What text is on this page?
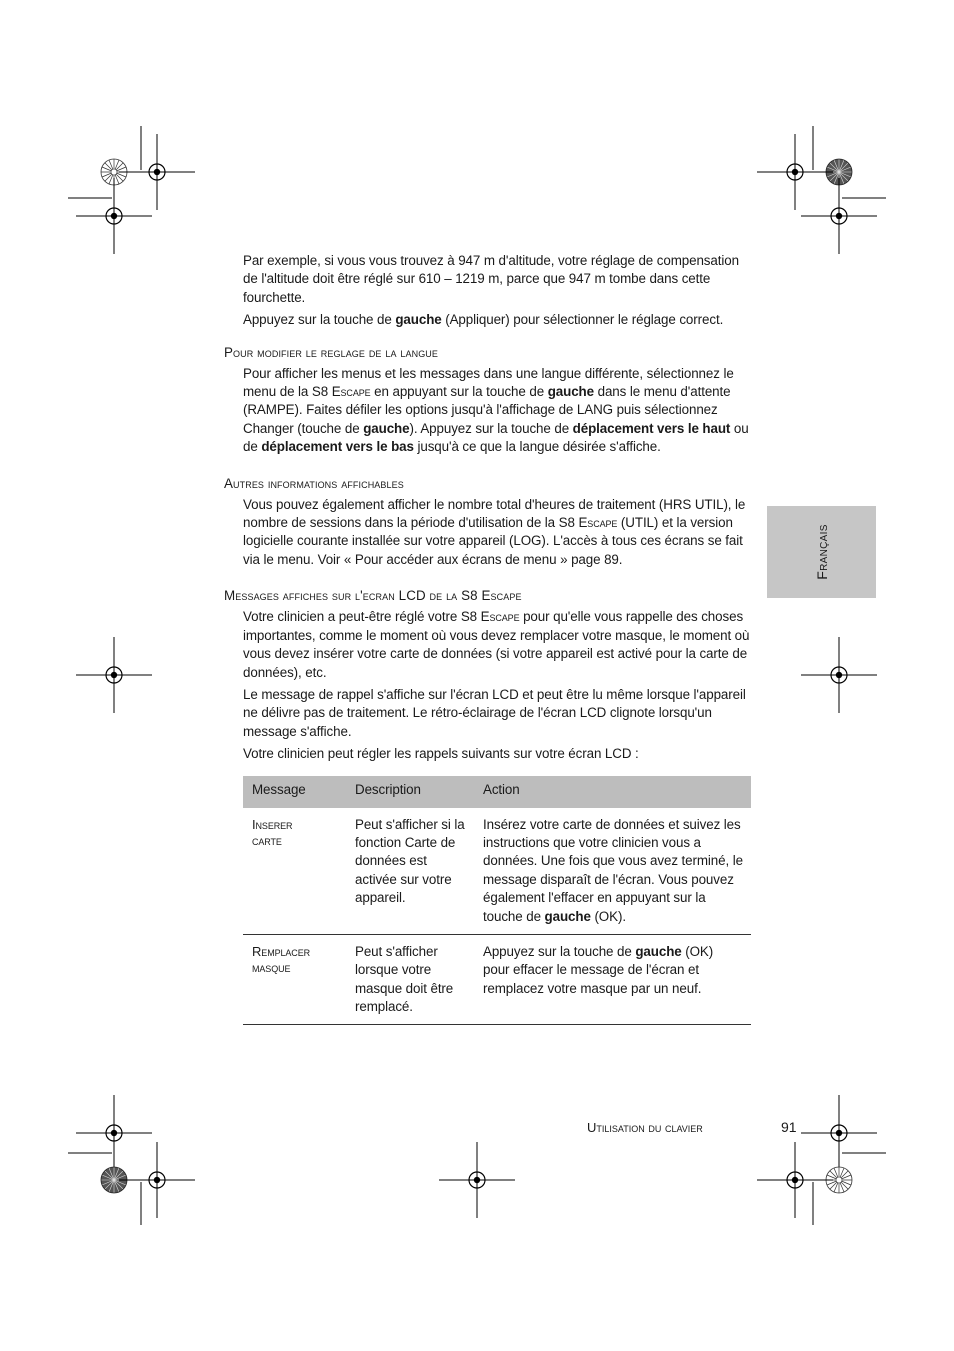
Par exemple, si vous vous trouvez à 947 m d'altitude, votre réglage de compensation de l'altitude doit être réglé sur 610 – 1219 m, parce que 947 m tombe dans cette fourchette.

Appuyez sur la touche de gauche (Appliquer) pour sélectionner le réglage correct.

Pour modifier le reglage de la langue

Pour afficher les menus et les messages dans une langue différente, sélectionnez le menu de la S8 Escape en appuyant sur la touche de gauche dans le menu d'attente (RAMPE). Faites défiler les options jusqu'à l'affichage de LANG puis sélectionnez Changer (touche de gauche). Appuyez sur la touche de déplacement vers le haut ou de déplacement vers le bas jusqu'à ce que la langue désirée s'affiche.

Autres informations affichables

Vous pouvez également afficher le nombre total d'heures de traitement (HRS UTIL), le nombre de sessions dans la période d'utilisation de la S8 Escape (UTIL) et la version logicielle courante installée sur votre appareil (LOG). L'accès à tous ces écrans se fait via le menu. Voir « Pour accéder aux écrans de menu » page 89.

Messages affiches sur l'ecran LCD de la S8 Escape

Votre clinicien a peut-être réglé votre S8 Escape pour qu'elle vous rappelle des choses importantes, comme le moment où vous devez remplacer votre masque, le moment où vous devez insérer votre carte de données (si votre appareil est activé pour la carte de données), etc.

Le message de rappel s'affiche sur l'écran LCD et peut être lu même lorsque l'appareil ne délivre pas de traitement. Le rétro-éclairage de l'écran LCD clignote lorsqu'un message s'affiche.

Votre clinicien peut régler les rappels suivants sur votre écran LCD :

Message	Description	Action
Inserer
carte	Peut s'afficher si la fonction Carte de données est activée sur votre appareil.	Insérez votre carte de données et suivez les instructions que votre clinicien vous a données. Une fois que vous avez terminé, le message disparaît de l'écran. Vous pouvez également l'effacer en appuyant sur la touche de gauche (OK).
Remplacer
masque	Peut s'afficher lorsque votre masque doit être remplacé.	Appuyez sur la touche de gauche (OK) pour effacer le message de l'écran et remplacez votre masque par un neuf.
Français
Utilisation du clavier	91
